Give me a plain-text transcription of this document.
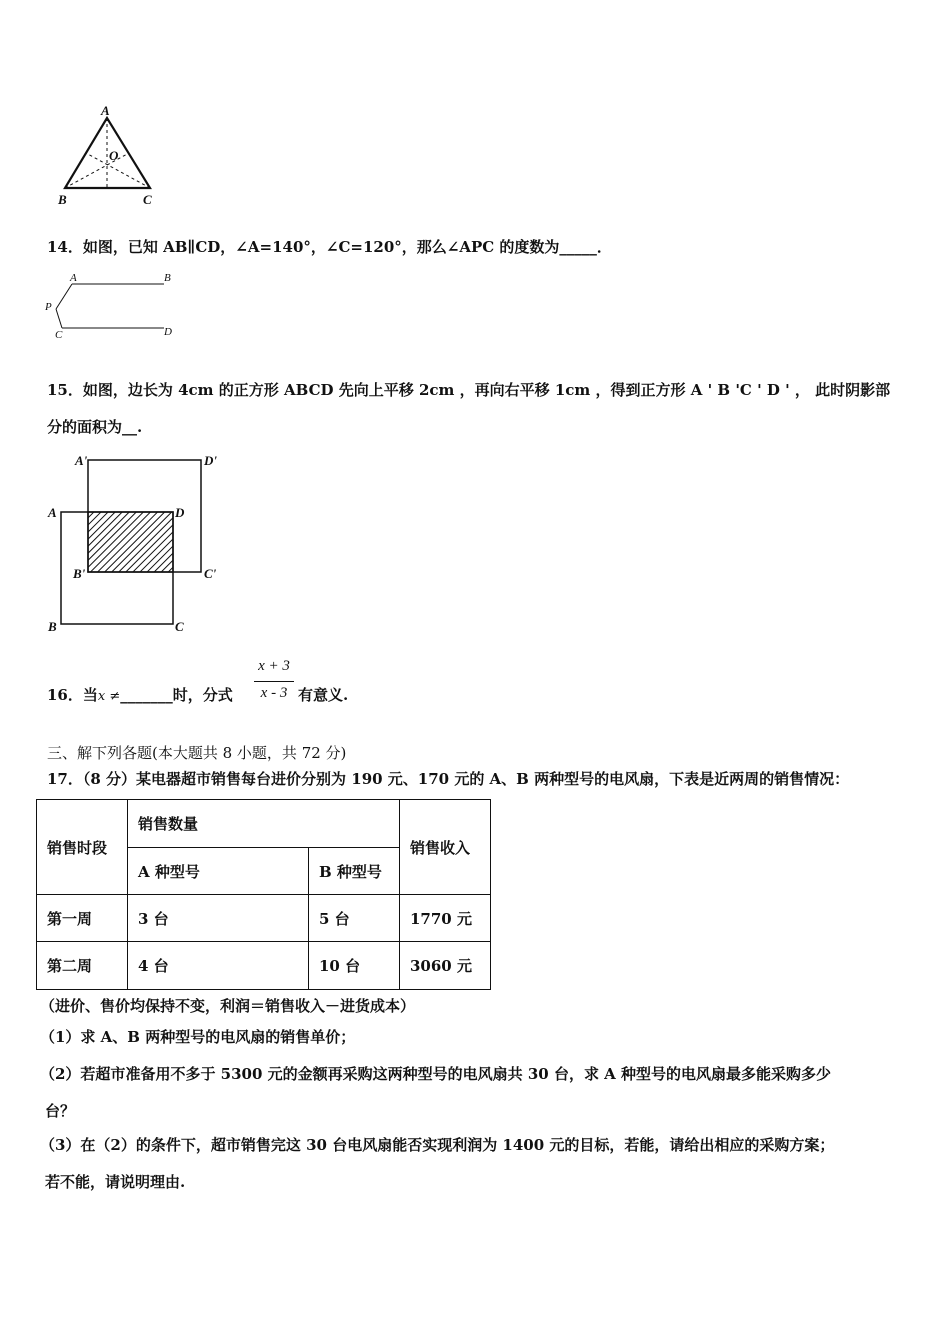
A
B	C
O
14．如图，已知 AB∥CD，∠A=140°，∠C=120°，那么∠APC 的度数为_____．
A	B
P
C	D
15．如图，边长为 4cm 的正方形 ABCD 先向上平移 2cm ，再向右平移 1cm ，得到正方形 A ' B 'C ' D ' ， 此时阴影部
分的面积为__.
A'	D'
A	D
B'	C'
B	C
16．当x ≠_______时，分式
x + 3
x - 3 有意义.
三、解下列各题(本大题共 8 小题，共 72 分)
17．（8 分）某电器超市销售每台进价分别为 190 元、170 元的 A、B 两种型号的电风扇，下表是近两周的销售情况：
销售时段	销售数量		销售收入
	A 种型号	B 种型号	
第一周	3 台	5 台	1770 元
第二周	4 台	10 台	3060 元
（进价、售价均保持不变，利润＝销售收入－进货成本）
（1）求 A、B 两种型号的电风扇的销售单价；
（2）若超市准备用不多于 5300 元的金额再采购这两种型号的电风扇共 30 台，求 A 种型号的电风扇最多能采购多少
台？
（3）在（2）的条件下，超市销售完这 30 台电风扇能否实现利润为 1400 元的目标，若能，请给出相应的采购方案；
若不能，请说明理由.
